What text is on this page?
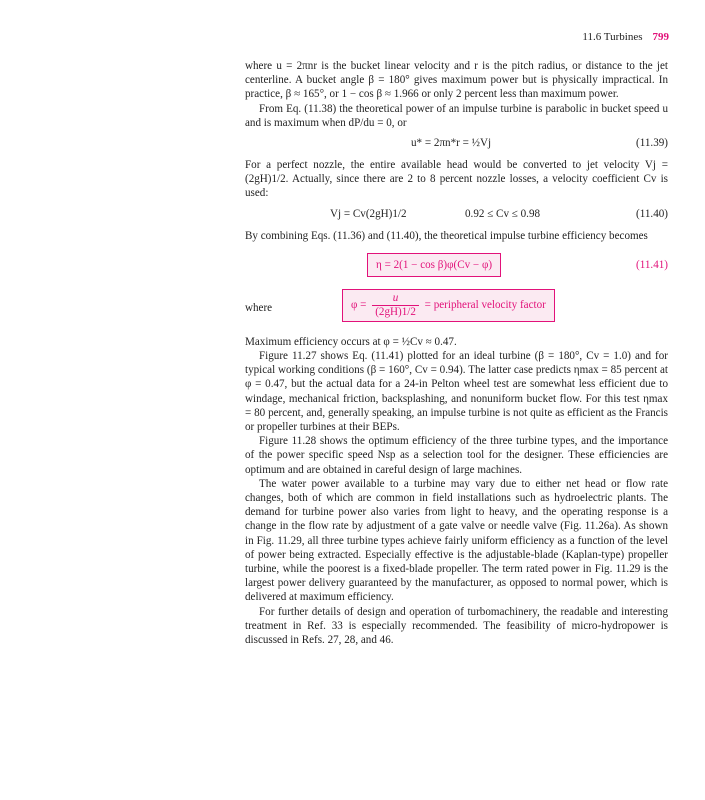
11.6 Turbines 799

where u = 2πnr is the bucket linear velocity and r is the pitch radius, or distance to the jet centerline. A bucket angle β = 180° gives maximum power but is physically impractical. In practice, β ≈ 165°, or 1 − cos β ≈ 1.966 or only 2 percent less than maximum power.

From Eq. (11.38) the theoretical power of an impulse turbine is parabolic in bucket speed u and is maximum when dP/du = 0, or

u* = 2πn*r = ½Vj	(11.39)

For a perfect nozzle, the entire available head would be converted to jet velocity Vj = (2gH)1/2. Actually, since there are 2 to 8 percent nozzle losses, a velocity coefficient Cv is used:

Vj = Cv(2gH)1/2	0.92 ≤ Cv ≤ 0.98	(11.40)

By combining Eqs. (11.36) and (11.40), the theoretical impulse turbine efficiency becomes

η = 2(1 − cos β)φ(Cv − φ)	(11.41)
where	$\varphi = \frac{u}{(2gH)1/2}$ = peripheral velocity factor

Maximum efficiency occurs at φ = ½Cv ≈ 0.47.

Figure 11.27 shows Eq. (11.41) plotted for an ideal turbine (β = 180°, Cv = 1.0) and for typical working conditions (β = 160°, Cv = 0.94). The latter case predicts ηmax = 85 percent at φ = 0.47, but the actual data for a 24-in Pelton wheel test are somewhat less efficient due to windage, mechanical friction, backsplashing, and nonuniform bucket flow. For this test ηmax = 80 percent, and, generally speaking, an impulse turbine is not quite as efficient as the Francis or propeller turbines at their BEPs.

Figure 11.28 shows the optimum efficiency of the three turbine types, and the importance of the power specific speed Nsp as a selection tool for the designer. These efficiencies are optimum and are obtained in careful design of large machines.

The water power available to a turbine may vary due to either net head or flow rate changes, both of which are common in field installations such as hydroelectric plants. The demand for turbine power also varies from light to heavy, and the operating response is a change in the flow rate by adjustment of a gate valve or needle valve (Fig. 11.26a). As shown in Fig. 11.29, all three turbine types achieve fairly uniform efficiency as a function of the level of power being extracted. Especially effective is the adjustable-blade (Kaplan-type) propeller turbine, while the poorest is a fixed-blade propeller. The term rated power in Fig. 11.29 is the largest power delivery guaranteed by the manufacturer, as opposed to normal power, which is delivered at maximum efficiency.

For further details of design and operation of turbomachinery, the readable and interesting treatment in Ref. 33 is especially recommended. The feasibility of micro-hydropower is discussed in Refs. 27, 28, and 46.
